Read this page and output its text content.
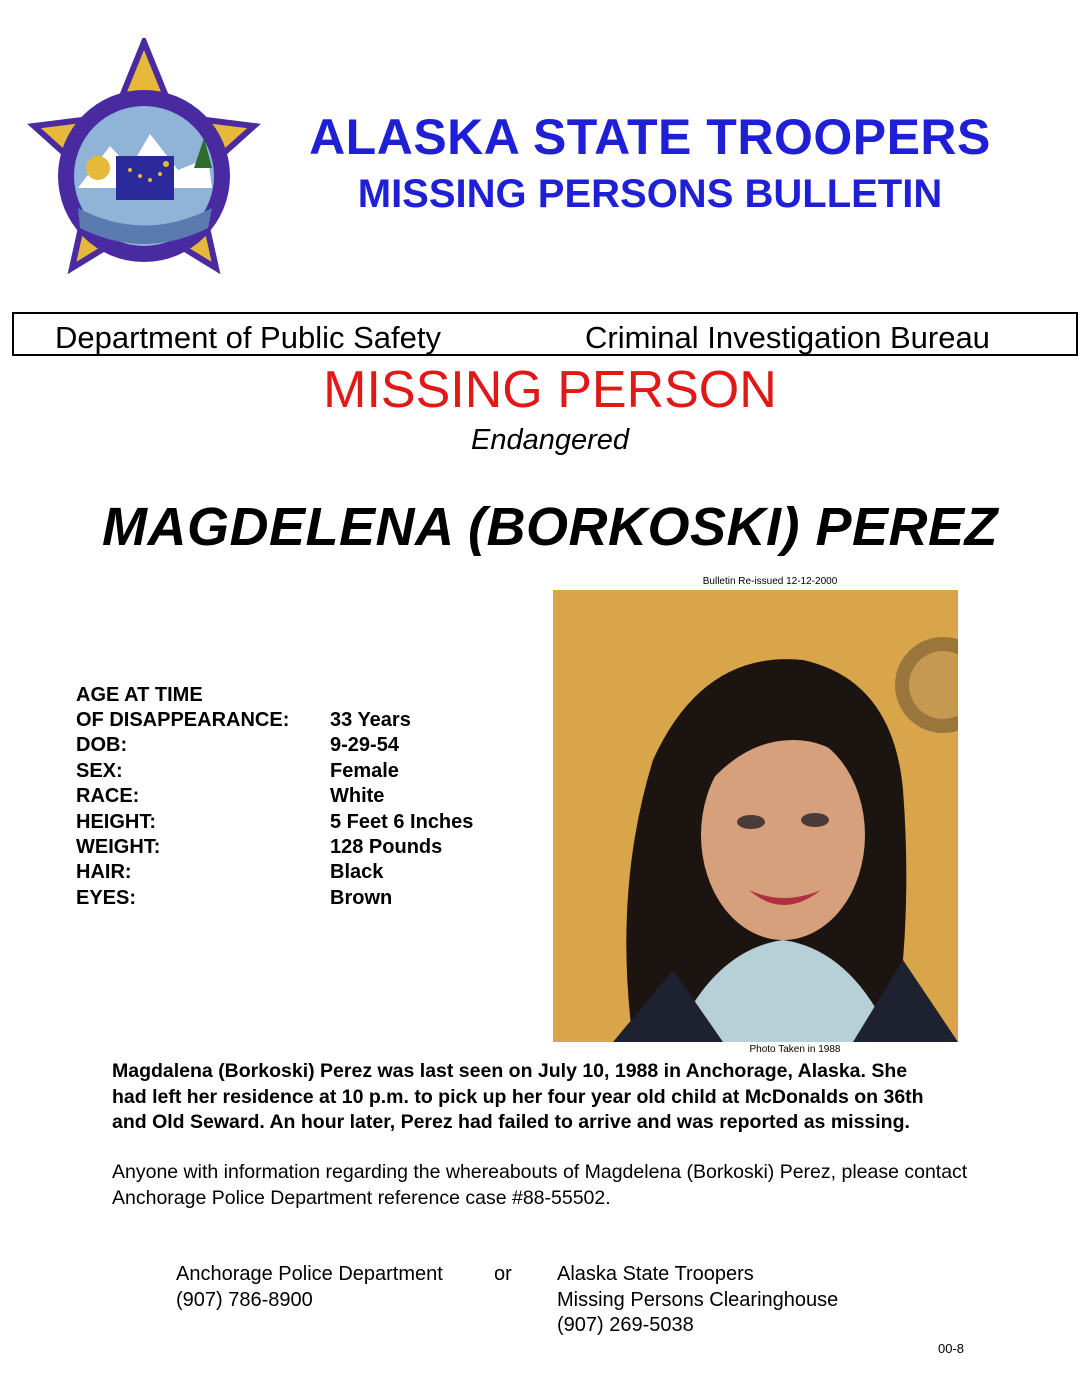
ALASKA STATE TROOPERS
MISSING PERSONS BULLETIN
Department of Public Safety	Criminal Investigation Bureau
MISSING PERSON
Endangered
MAGDELENA (BORKOSKI) PEREZ
Bulletin Re-issued 12-12-2000
Photo Taken in 1988
AGE AT TIME
OF DISAPPEARANCE: 33 Years
DOB:	9-29-54
SEX:	Female
RACE:	White
HEIGHT:	5 Feet 6 Inches
WEIGHT:	128 Pounds
HAIR:	Black
EYES:	Brown
Magdalena (Borkoski) Perez was last seen on July 10, 1988 in Anchorage, Alaska. She
had left her residence at 10 p.m. to pick up her four year old child at McDonalds on 36th
and Old Seward. An hour later, Perez had failed to arrive and was reported as missing.
Anyone with information regarding the whereabouts of Magdelena (Borkoski) Perez, please contact
Anchorage Police Department reference case #88-55502.
Anchorage Police Department
(907) 786-8900
or Alaska State Troopers
Missing Persons Clearinghouse
(907) 269-5038
00-8
